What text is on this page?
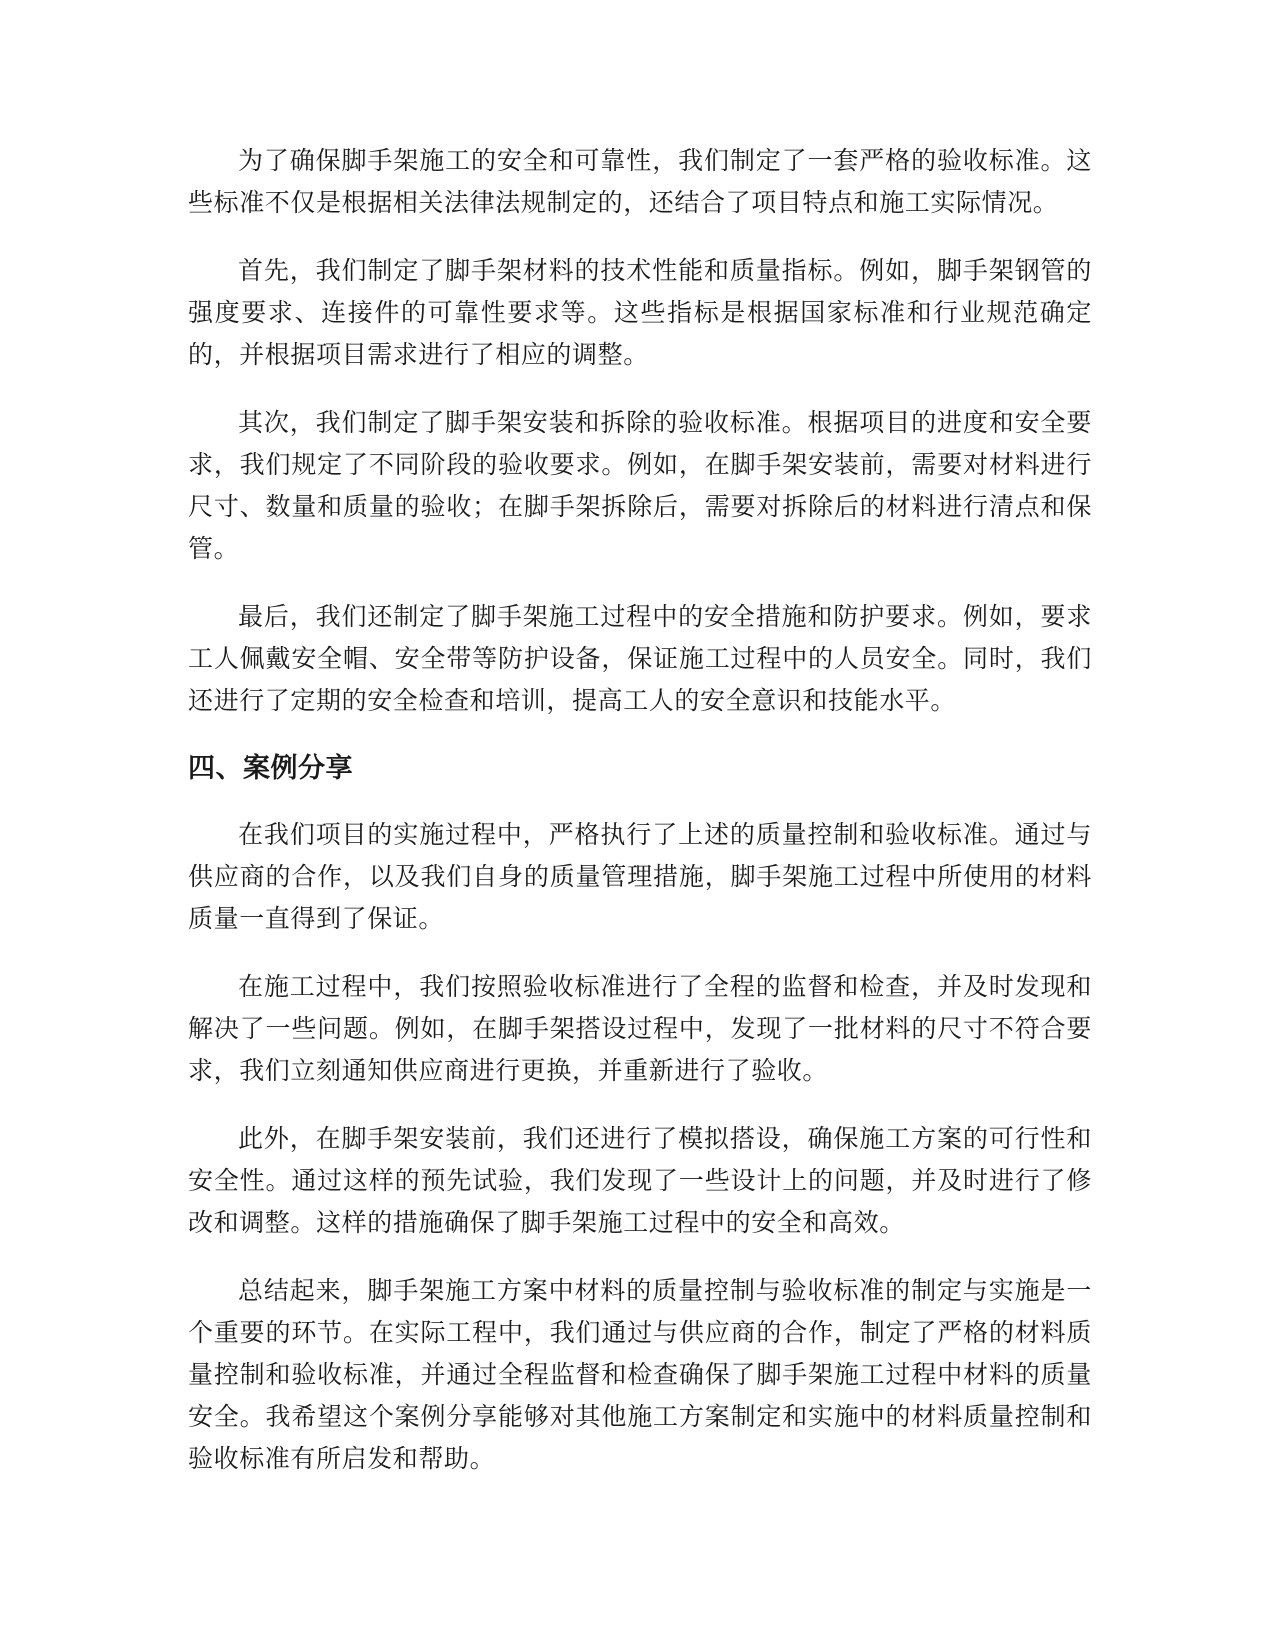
为了确保脚手架施工的安全和可靠性，我们制定了一套严格的验收标准。这些标准不仅是根据相关法律法规制定的，还结合了项目特点和施工实际情况。

首先，我们制定了脚手架材料的技术性能和质量指标。例如，脚手架钢管的强度要求、连接件的可靠性要求等。这些指标是根据国家标准和行业规范确定的，并根据项目需求进行了相应的调整。

其次，我们制定了脚手架安装和拆除的验收标准。根据项目的进度和安全要求，我们规定了不同阶段的验收要求。例如，在脚手架安装前，需要对材料进行尺寸、数量和质量的验收；在脚手架拆除后，需要对拆除后的材料进行清点和保管。

最后，我们还制定了脚手架施工过程中的安全措施和防护要求。例如，要求工人佩戴安全帽、安全带等防护设备，保证施工过程中的人员安全。同时，我们还进行了定期的安全检查和培训，提高工人的安全意识和技能水平。

四、案例分享

在我们项目的实施过程中，严格执行了上述的质量控制和验收标准。通过与供应商的合作，以及我们自身的质量管理措施，脚手架施工过程中所使用的材料质量一直得到了保证。

在施工过程中，我们按照验收标准进行了全程的监督和检查，并及时发现和解决了一些问题。例如，在脚手架搭设过程中，发现了一批材料的尺寸不符合要求，我们立刻通知供应商进行更换，并重新进行了验收。

此外，在脚手架安装前，我们还进行了模拟搭设，确保施工方案的可行性和安全性。通过这样的预先试验，我们发现了一些设计上的问题，并及时进行了修改和调整。这样的措施确保了脚手架施工过程中的安全和高效。

总结起来，脚手架施工方案中材料的质量控制与验收标准的制定与实施是一个重要的环节。在实际工程中，我们通过与供应商的合作，制定了严格的材料质量控制和验收标准，并通过全程监督和检查确保了脚手架施工过程中材料的质量安全。我希望这个案例分享能够对其他施工方案制定和实施中的材料质量控制和验收标准有所启发和帮助。
